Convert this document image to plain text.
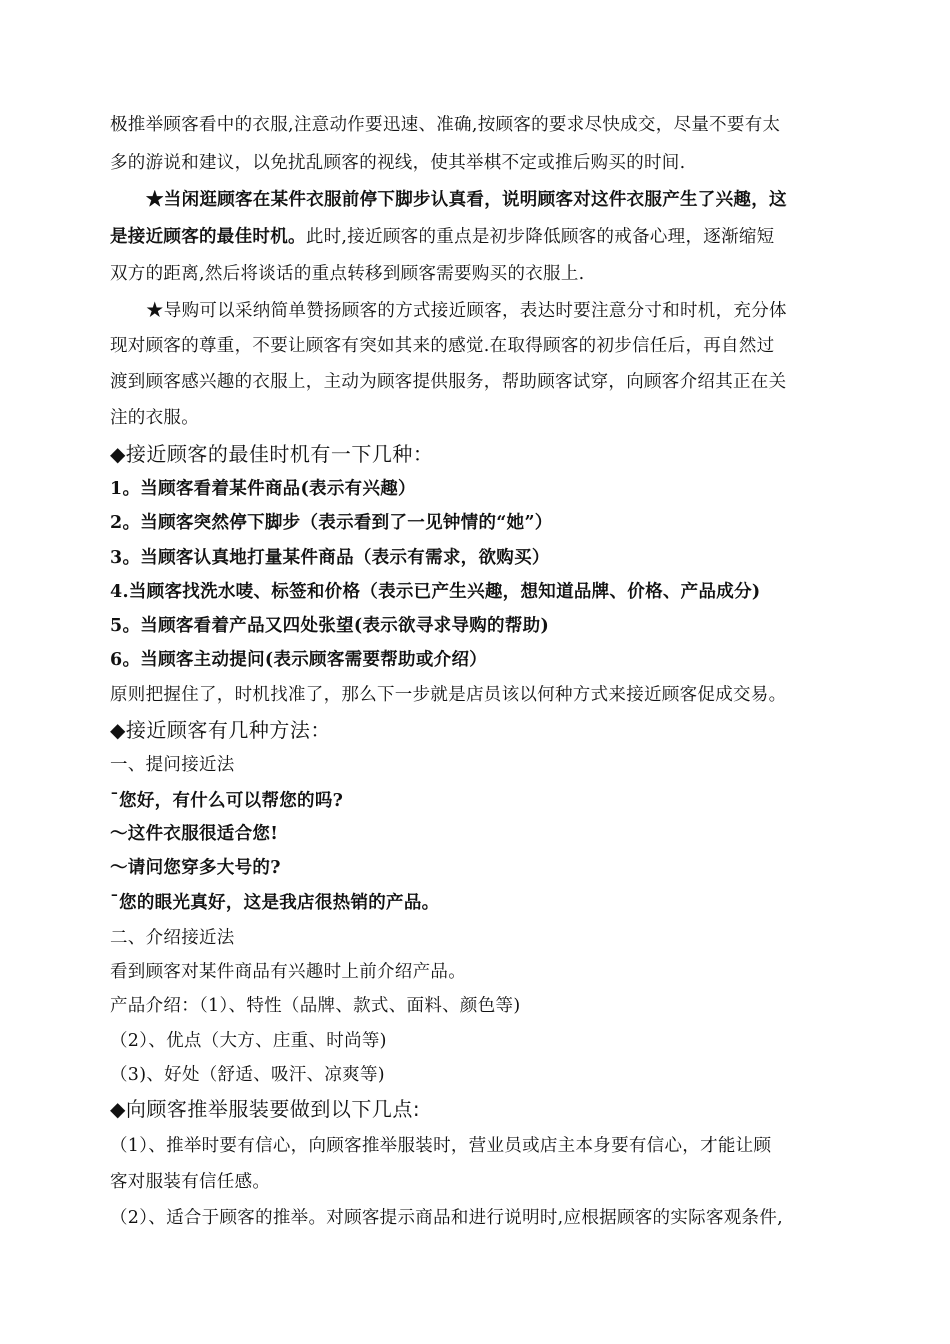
极推举顾客看中的衣服,注意动作要迅速、准确,按顾客的要求尽快成交，尽量不要有太
多的游说和建议，以免扰乱顾客的视线，使其举棋不定或推后购买的时间.
★当闲逛顾客在某件衣服前停下脚步认真看，说明顾客对这件衣服产生了兴趣，这
是接近顾客的最佳时机。此时,接近顾客的重点是初步降低顾客的戒备心理，逐渐缩短
双方的距离,然后将谈话的重点转移到顾客需要购买的衣服上.
★导购可以采纳简单赞扬顾客的方式接近顾客，表达时要注意分寸和时机，充分体
现对顾客的尊重，不要让顾客有突如其来的感觉.在取得顾客的初步信任后，再自然过
渡到顾客感兴趣的衣服上，主动为顾客提供服务，帮助顾客试穿，向顾客介绍其正在关
注的衣服。
◆接近顾客的最佳时机有一下几种：
1。当顾客看着某件商品(表示有兴趣）
2。当顾客突然停下脚步（表示看到了一见钟情的“她”）
3。当顾客认真地打量某件商品（表示有需求，欲购买）
4.当顾客找洗水唛、标签和价格（表示已产生兴趣，想知道品牌、价格、产品成分)
5。当顾客看着产品又四处张望(表示欲寻求导购的帮助)
6。当顾客主动提问(表示顾客需要帮助或介绍）
原则把握住了，时机找准了，那么下一步就是店员该以何种方式来接近顾客促成交易。
◆接近顾客有几种方法：
一、提问接近法
¯您好，有什么可以帮您的吗?
～这件衣服很适合您!
～请问您穿多大号的?
¯您的眼光真好，这是我店很热销的产品。
二、介绍接近法
看到顾客对某件商品有兴趣时上前介绍产品。
产品介绍：（1）、特性（品牌、款式、面料、颜色等)
（2）、优点（大方、庄重、时尚等)
（3)、好处（舒适、吸汗、凉爽等)
◆向顾客推举服装要做到以下几点:
（1）、推举时要有信心，向顾客推举服装时，营业员或店主本身要有信心，才能让顾
客对服装有信任感。
（2）、适合于顾客的推举。对顾客提示商品和进行说明时,应根据顾客的实际客观条件,
